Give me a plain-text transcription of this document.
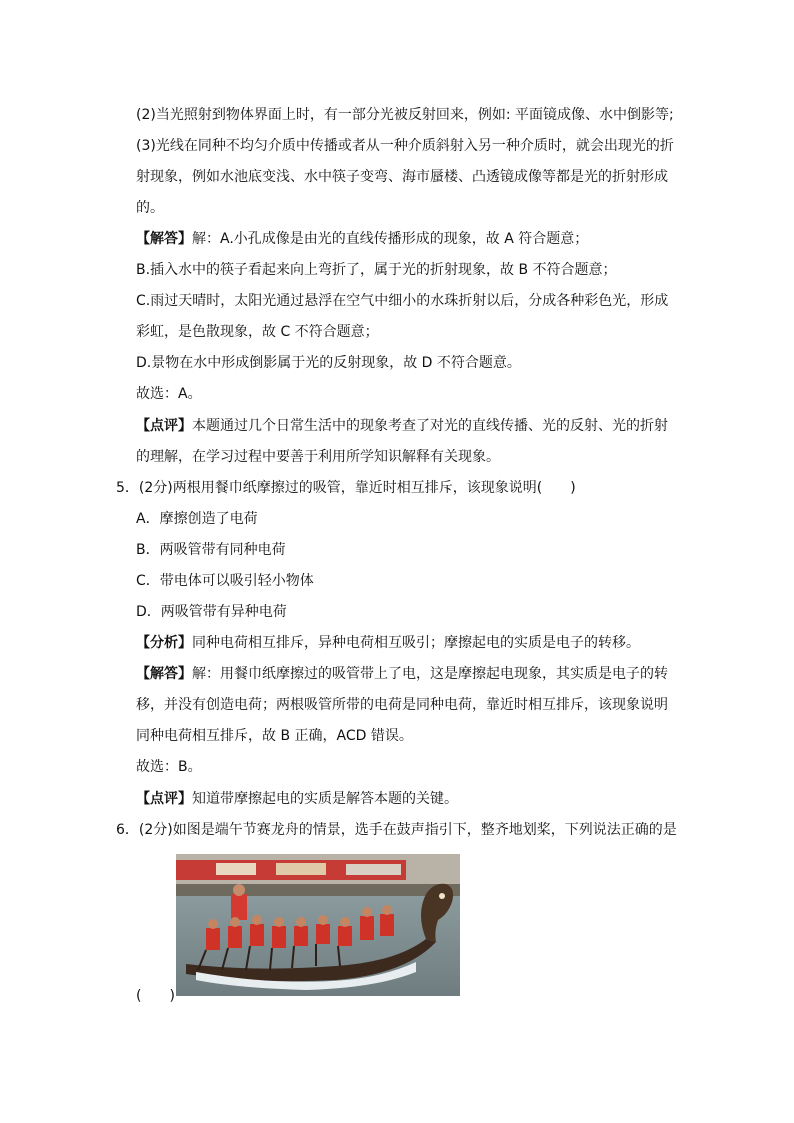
(2)当光照射到物体界面上时，有一部分光被反射回来，例如: 平面镜成像、水中倒影等;
(3)光线在同种不均匀介质中传播或者从一种介质斜射入另一种介质时，就会出现光的折
射现象，例如水池底变浅、水中筷子变弯、海市蜃楼、凸透镜成像等都是光的折射形成
的。
【解答】解：A.小孔成像是由光的直线传播形成的现象，故 A 符合题意；
B.插入水中的筷子看起来向上弯折了，属于光的折射现象，故 B 不符合题意；
C.雨过天晴时，太阳光通过悬浮在空气中细小的水珠折射以后，分成各种彩色光，形成
彩虹，是色散现象，故 C 不符合题意；
D.景物在水中形成倒影属于光的反射现象，故 D 不符合题意。
故选：A。
【点评】本题通过几个日常生活中的现象考查了对光的直线传播、光的反射、光的折射
的理解，在学习过程中要善于利用所学知识解释有关现象。
5．(2分)两根用餐巾纸摩擦过的吸管，靠近时相互排斥，该现象说明(　　)
A．摩擦创造了电荷
B．两吸管带有同种电荷
C．带电体可以吸引轻小物体
D．两吸管带有异种电荷
【分析】同种电荷相互排斥，异种电荷相互吸引；摩擦起电的实质是电子的转移。
【解答】解：用餐巾纸摩擦过的吸管带上了电，这是摩擦起电现象，其实质是电子的转
移，并没有创造电荷；两根吸管所带的电荷是同种电荷，靠近时相互排斥，该现象说明
同种电荷相互排斥，故 B 正确，ACD 错误。
故选：B。
【点评】知道带摩擦起电的实质是解答本题的关键。
6．(2分)如图是端午节赛龙舟的情景，选手在鼓声指引下，整齐地划桨，下列说法正确的是
(　　)
